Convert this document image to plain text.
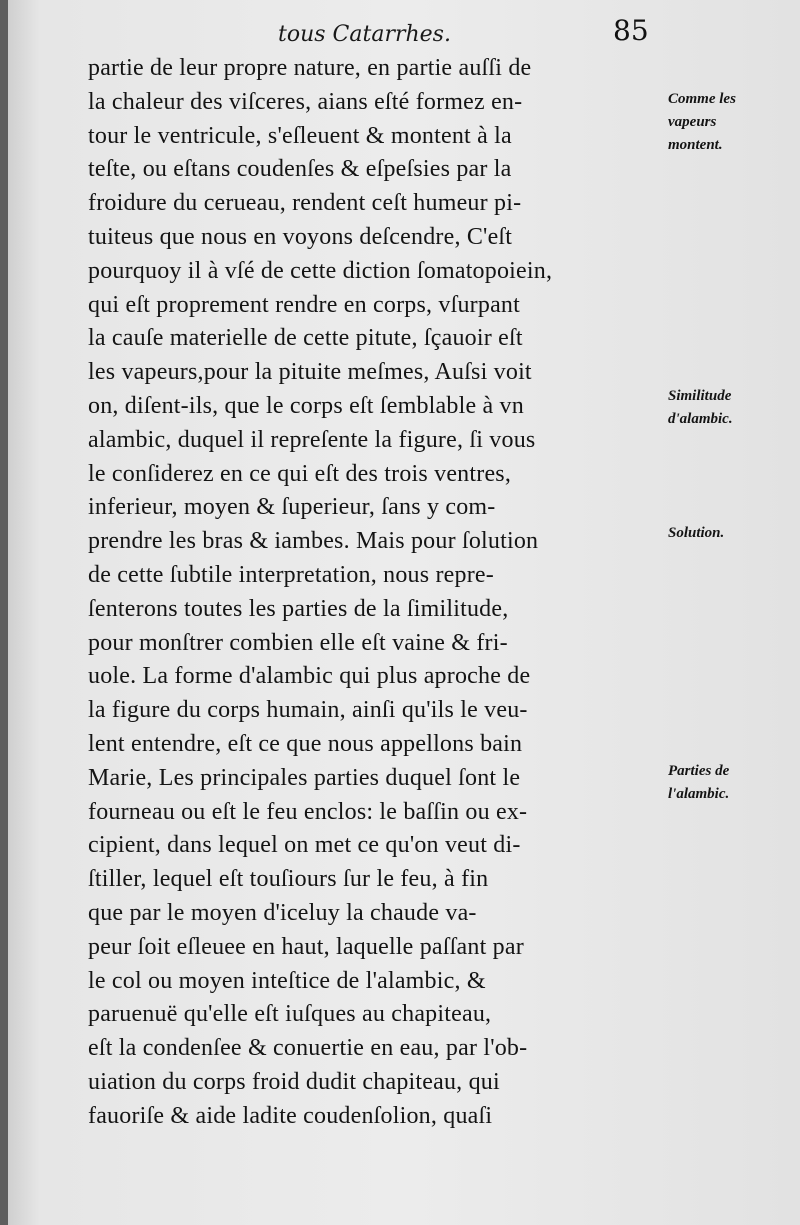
tous Catarrhes.	85
partie de leur propre nature, en partie auſſi de
la chaleur des viſceres, aians eſté formez en-
tour le ventricule, s'eſleuent & montent à la
teſte, ou eſtans coudenſes & eſpeſsies par la
froidure du cerueau, rendent ceſt humeur pi-
tuiteus que nous en voyons deſcendre, C'eſt
pourquoy il à vſé de cette diction ſomatopoiein,
qui eſt proprement rendre en corps, vſurpant
la cauſe materielle de cette pitute, ſçauoir eſt
les vapeurs,pour la pituite meſmes, Auſsi voit
on, diſent-ils, que le corps eſt ſemblable à vn
alambic, duquel il repreſente la figure, ſi vous
le conſiderez en ce qui eſt des trois ventres,
inferieur, moyen & ſuperieur, ſans y com-
prendre les bras & iambes. Mais pour ſolution
de cette ſubtile interpretation, nous repre-
ſenterons toutes les parties de la ſimilitude,
pour monſtrer combien elle eſt vaine & fri-
uole. La forme d'alambic qui plus aproche de
la figure du corps humain, ainſi qu'ils le veu-
lent entendre, eſt ce que nous appellons bain
Marie, Les principales parties duquel ſont le
fourneau ou eſt le feu enclos: le baſſin ou ex-
cipient, dans lequel on met ce qu'on veut di-
ſtiller, lequel eſt touſiours ſur le feu, à fin
que par le moyen d'iceluy la chaude va-
peur ſoit eſleuee en haut, laquelle paſſant par
le col ou moyen inteſtice de l'alambic, &
paruenuë qu'elle eſt iuſques au chapiteau,
eſt la condenſee & conuertie en eau, par l'ob-
uiation du corps froid dudit chapiteau, qui
fauoriſe & aide ladite coudenſolion, quaſi
Comme les
vapeurs
montent.
Similitude
d'alambic.
Solution.
Parties de
l'alambic.
